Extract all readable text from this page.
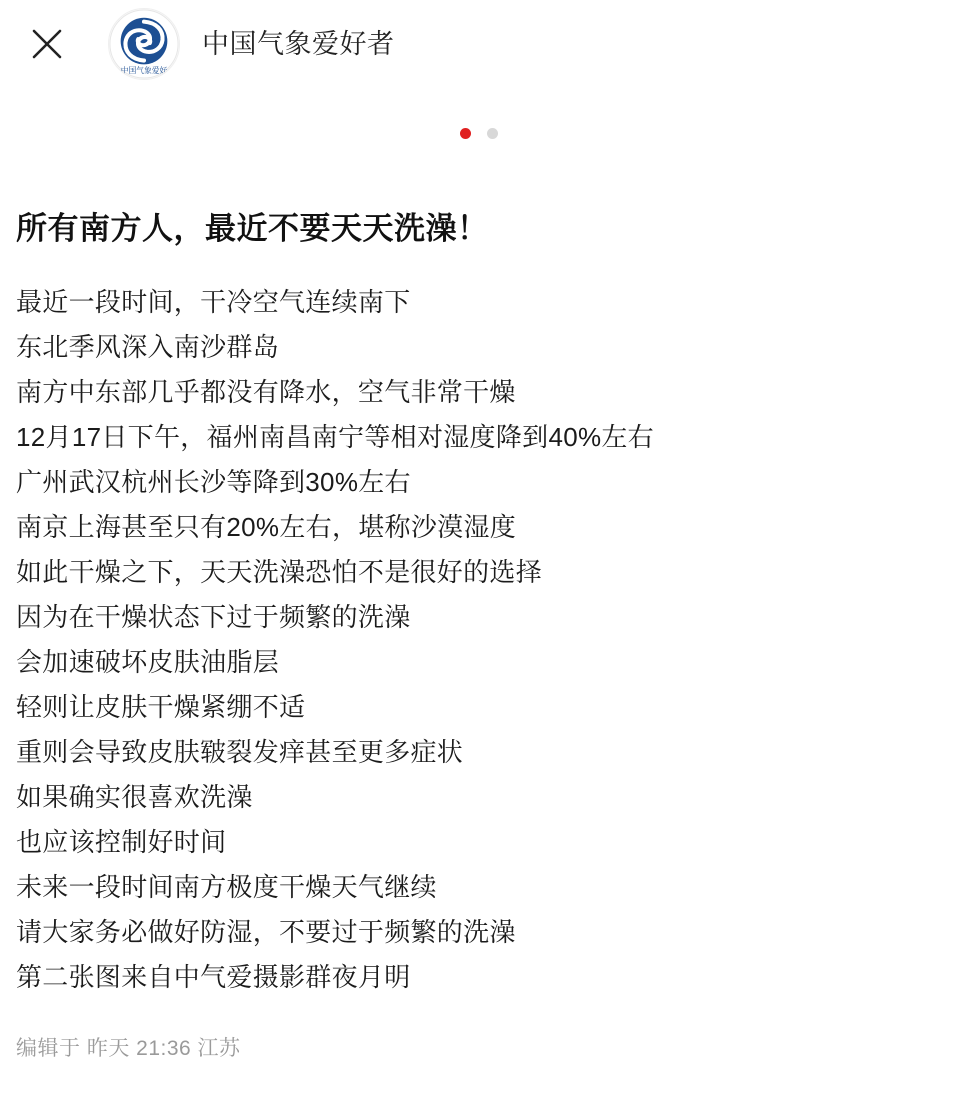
中国气象爱好
中国气象爱好者
所有南方人，最近不要天天洗澡！
最近一段时间，干冷空气连续南下
东北季风深入南沙群岛
南方中东部几乎都没有降水，空气非常干燥
12月17日下午，福州南昌南宁等相对湿度降到40%左右
广州武汉杭州长沙等降到30%左右
南京上海甚至只有20%左右，堪称沙漠湿度
如此干燥之下，天天洗澡恐怕不是很好的选择
因为在干燥状态下过于频繁的洗澡
会加速破坏皮肤油脂层
轻则让皮肤干燥紧绷不适
重则会导致皮肤皲裂发痒甚至更多症状
如果确实很喜欢洗澡
也应该控制好时间
未来一段时间南方极度干燥天气继续
请大家务必做好防湿，不要过于频繁的洗澡
第二张图来自中气爱摄影群夜月明
编辑于 昨天 21:36 江苏
